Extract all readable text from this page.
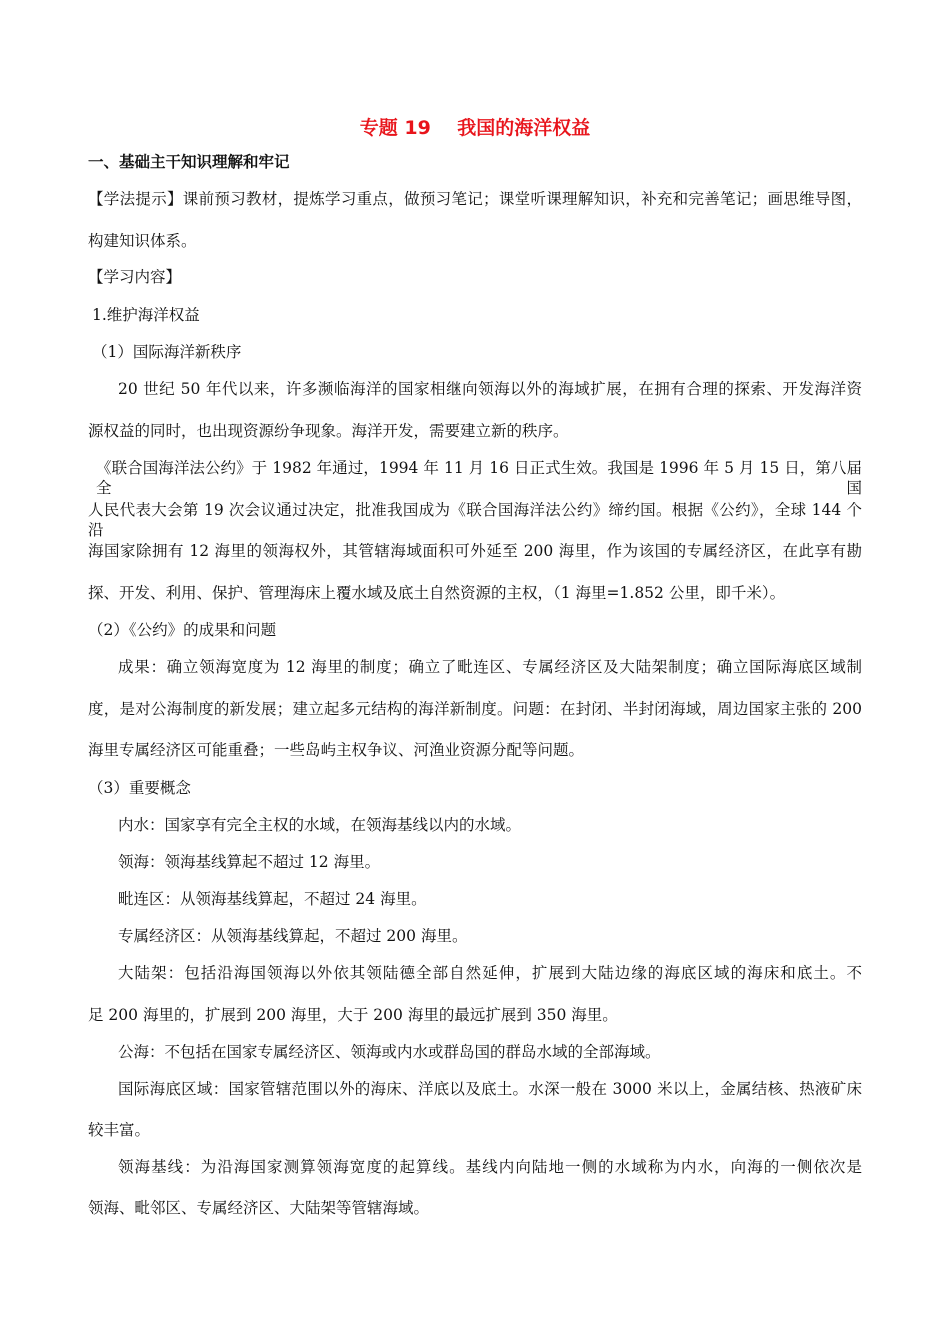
专题 19    我国的海洋权益
一、基础主干知识理解和牢记
【学法提示】课前预习教材，提炼学习重点，做预习笔记；课堂听课理解知识，补充和完善笔记；画思维导图，
构建知识体系。
【学习内容】
1.维护海洋权益
（1）国际海洋新秩序
20 世纪 50 年代以来，许多濒临海洋的国家相继向领海以外的海域扩展，在拥有合理的探索、开发海洋资
源权益的同时，也出现资源纷争现象。海洋开发，需要建立新的秩序。
《联合国海洋法公约》于 1982 年通过，1994 年 11 月 16 日正式生效。我国是 1996 年 5 月 15 日，第八届全国
人民代表大会第 19 次会议通过决定，批准我国成为《联合国海洋法公约》缔约国。根据《公约》，全球 144 个沿
海国家除拥有 12 海里的领海权外，其管辖海域面积可外延至 200 海里，作为该国的专属经济区，在此享有勘
探、开发、利用、保护、管理海床上覆水域及底土自然资源的主权，（1 海里=1.852 公里，即千米）。
（2）《公约》的成果和问题
成果：确立领海宽度为 12 海里的制度；确立了毗连区、专属经济区及大陆架制度；确立国际海底区域制
度，是对公海制度的新发展；建立起多元结构的海洋新制度。问题：在封闭、半封闭海域，周边国家主张的 200
海里专属经济区可能重叠；一些岛屿主权争议、河渔业资源分配等问题。
（3）重要概念
内水：国家享有完全主权的水域，在领海基线以内的水域。
领海：领海基线算起不超过 12 海里。
毗连区：从领海基线算起，不超过 24 海里。
专属经济区：从领海基线算起，不超过 200 海里。
大陆架：包括沿海国领海以外依其领陆德全部自然延伸，扩展到大陆边缘的海底区域的海床和底土。不
足 200 海里的，扩展到 200 海里，大于 200 海里的最远扩展到 350 海里。
公海：不包括在国家专属经济区、领海或内水或群岛国的群岛水域的全部海域。
国际海底区域：国家管辖范围以外的海床、洋底以及底土。水深一般在 3000 米以上，金属结核、热液矿床
较丰富。
领海基线：为沿海国家测算领海宽度的起算线。基线内向陆地一侧的水域称为内水，向海的一侧依次是
领海、毗邻区、专属经济区、大陆架等管辖海域。
